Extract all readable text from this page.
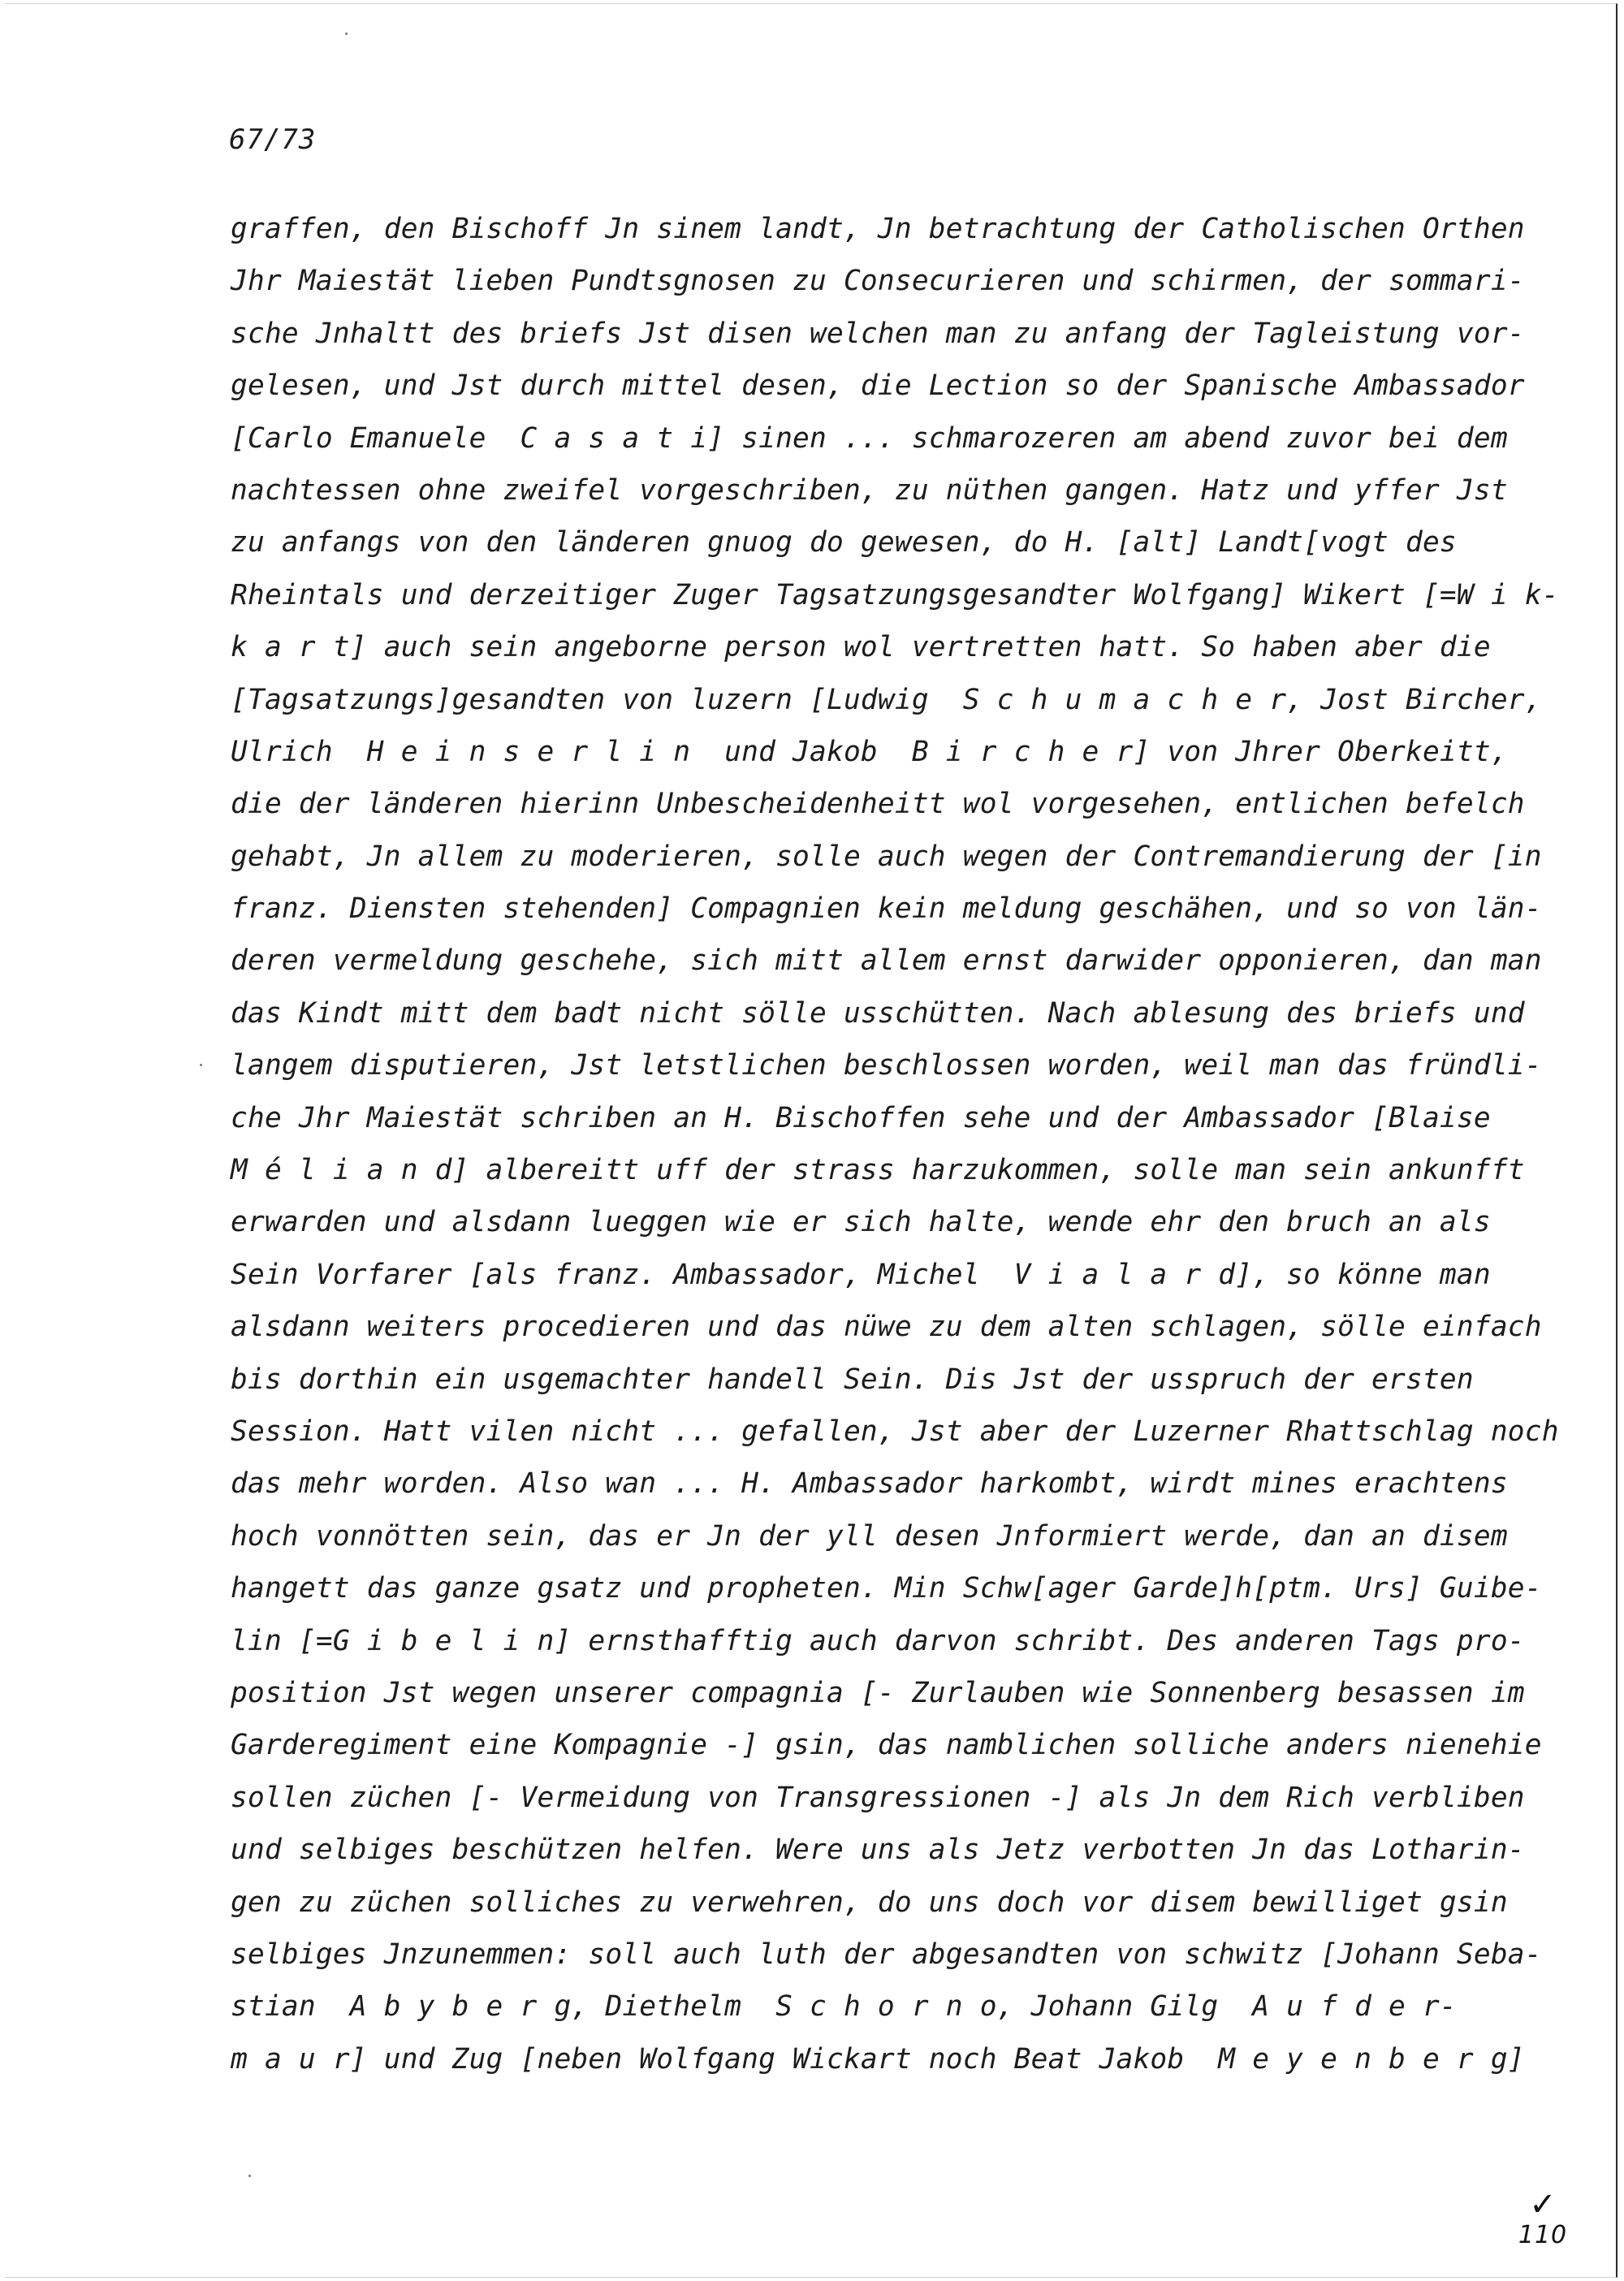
67/73
graffen, den Bischoff Jn sinem landt, Jn betrachtung der Catholischen Orthen
Jhr Maiestät lieben Pundtsgnosen zu Consecurieren und schirmen, der sommari-
sche Jnhaltt des briefs Jst disen welchen man zu anfang der Tagleistung vor-
gelesen, und Jst durch mittel desen, die Lection so der Spanische Ambassador
[Carlo Emanuele  C a s a t i] sinen ... schmarozeren am abend zuvor bei dem
nachtessen ohne zweifel vorgeschriben, zu nüthen gangen. Hatz und yffer Jst
zu anfangs von den länderen gnuog do gewesen, do H. [alt] Landt[vogt des
Rheintals und derzeitiger Zuger Tagsatzungsgesandter Wolfgang] Wikert [=W i k-
k a r t] auch sein angeborne person wol vertretten hatt. So haben aber die
[Tagsatzungs]gesandten von luzern [Ludwig  S c h u m a c h e r, Jost Bircher,
Ulrich  H e i n s e r l i n  und Jakob  B i r c h e r] von Jhrer Oberkeitt,
die der länderen hierinn Unbescheidenheitt wol vorgesehen, entlichen befelch
gehabt, Jn allem zu moderieren, solle auch wegen der Contremandierung der [in
franz. Diensten stehenden] Compagnien kein meldung geschähen, und so von län-
deren vermeldung geschehe, sich mitt allem ernst darwider opponieren, dan man
das Kindt mitt dem badt nicht sölle usschütten. Nach ablesung des briefs und
langem disputieren, Jst letstlichen beschlossen worden, weil man das fründli-
che Jhr Maiestät schriben an H. Bischoffen sehe und der Ambassador [Blaise
M é l i a n d] albereitt uff der strass harzukommen, solle man sein ankunfft
erwarden und alsdann lueggen wie er sich halte, wende ehr den bruch an als
Sein Vorfarer [als franz. Ambassador, Michel  V i a l a r d], so könne man
alsdann weiters procedieren und das nüwe zu dem alten schlagen, sölle einfach
bis dorthin ein usgemachter handell Sein. Dis Jst der usspruch der ersten
Session. Hatt vilen nicht ... gefallen, Jst aber der Luzerner Rhattschlag noch
das mehr worden. Also wan ... H. Ambassador harkombt, wirdt mines erachtens
hoch vonnötten sein, das er Jn der yll desen Jnformiert werde, dan an disem
hangett das ganze gsatz und propheten. Min Schw[ager Garde]h[ptm. Urs] Guibe-
lin [=G i b e l i n] ernsthafftig auch darvon schribt. Des anderen Tags pro-
position Jst wegen unserer compagnia [- Zurlauben wie Sonnenberg besassen im
Garderegiment eine Kompagnie -] gsin, das namblichen solliche anders nienehie
sollen züchen [- Vermeidung von Transgressionen -] als Jn dem Rich verbliben
und selbiges beschützen helfen. Were uns als Jetz verbotten Jn das Lotharin-
gen zu züchen solliches zu verwehren, do uns doch vor disem bewilliget gsin
selbiges Jnzunemmen: soll auch luth der abgesandten von schwitz [Johann Seba-
stian  A b y b e r g, Diethelm  S c h o r n o, Johann Gilg  A u f d e r-
m a u r] und Zug [neben Wolfgang Wickart noch Beat Jakob  M e y e n b e r g]
✓
110
